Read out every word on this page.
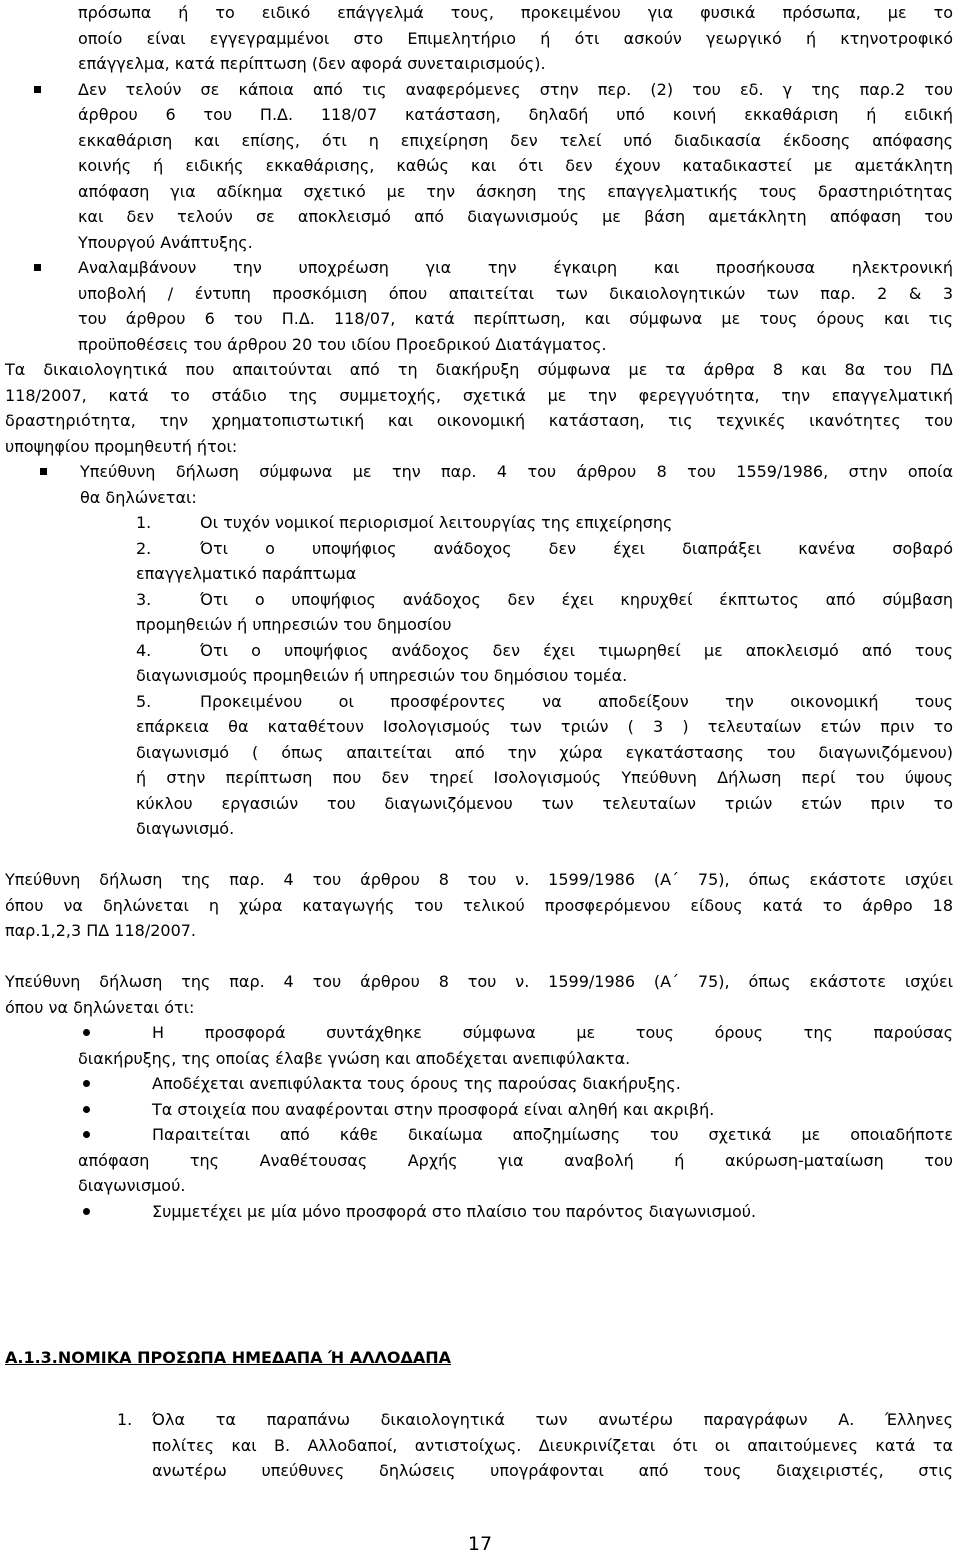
πρόσωπα ή το ειδικό επάγγελμά τους, προκειμένου για φυσικά πρόσωπα, με το
οποίο είναι εγγεγραμμένοι στο Επιμελητήριο ή ότι ασκούν γεωργικό ή κτηνοτροφικό
επάγγελμα, κατά περίπτωση (δεν αφορά συνεταιρισμούς).
Δεν τελούν σε κάποια από τις αναφερόμενες στην περ. (2) του εδ. γ της παρ.2 του
άρθρου 6 του Π.Δ. 118/07 κατάσταση, δηλαδή υπό κοινή εκκαθάριση ή ειδική
εκκαθάριση και επίσης, ότι η επιχείρηση δεν τελεί υπό διαδικασία έκδοσης απόφασης
κοινής ή ειδικής εκκαθάρισης, καθώς και ότι δεν έχουν καταδικαστεί με αμετάκλητη
απόφαση για αδίκημα σχετικό με την άσκηση της επαγγελματικής τους δραστηριότητας
και δεν τελούν σε αποκλεισμό από διαγωνισμούς με βάση αμετάκλητη απόφαση του
Υπουργού Ανάπτυξης.
Αναλαμβάνουν την υποχρέωση για την έγκαιρη και προσήκουσα ηλεκτρονική
υποβολή / έντυπη προσκόμιση όπου απαιτείται των δικαιολογητικών των παρ. 2 & 3
του άρθρου 6 του Π.Δ. 118/07, κατά περίπτωση, και σύμφωνα με τους όρους και τις
προϋποθέσεις του άρθρου 20 του ιδίου Προεδρικού Διατάγματος.
Τα δικαιολογητικά που απαιτούνται από τη διακήρυξη σύμφωνα με τα άρθρα 8 και 8α του ΠΔ
118/2007, κατά το στάδιο της συμμετοχής, σχετικά με την φερεγγυότητα, την επαγγελματική
δραστηριότητα, την χρηματοπιστωτική και οικονομική κατάσταση, τις τεχνικές ικανότητες του
υποψηφίου προμηθευτή ήτοι:
Υπεύθυνη δήλωση σύμφωνα με την παρ. 4 του άρθρου 8 του 1559/1986, στην οποία
θα δηλώνεται:
1.	Οι τυχόν νομικοί περιορισμοί λειτουργίας της επιχείρησης
2.	Ότι ο υποψήφιος ανάδοχος δεν έχει διαπράξει κανένα σοβαρό
επαγγελματικό παράπτωμα
3.	Ότι ο υποψήφιος ανάδοχος δεν έχει κηρυχθεί έκπτωτος από σύμβαση
προμηθειών ή υπηρεσιών του δημοσίου
4.	Ότι ο υποψήφιος ανάδοχος δεν έχει τιμωρηθεί με αποκλεισμό από τους
διαγωνισμούς προμηθειών ή υπηρεσιών του δημόσιου τομέα.
5.	Προκειμένου οι προσφέροντες να αποδείξουν την οικονομική τους
επάρκεια θα καταθέτουν Ισολογισμούς των τριών ( 3 ) τελευταίων ετών πριν το
διαγωνισμό ( όπως απαιτείται από την χώρα εγκατάστασης του διαγωνιζόμενου)
ή στην περίπτωση που δεν τηρεί Ισολογισμούς Υπεύθυνη Δήλωση περί του ύψους
κύκλου εργασιών του διαγωνιζόμενου των τελευταίων τριών ετών πριν το
διαγωνισμό.
Υπεύθυνη δήλωση της παρ. 4 του άρθρου 8 του ν. 1599/1986 (Α΄ 75), όπως εκάστοτε ισχύει
όπου να δηλώνεται η χώρα καταγωγής του τελικού προσφερόμενου είδους κατά το άρθρο 18
παρ.1,2,3 ΠΔ 118/2007.
Υπεύθυνη δήλωση της παρ. 4 του άρθρου 8 του ν. 1599/1986 (Α΄ 75), όπως εκάστοτε ισχύει
όπου να δηλώνεται ότι:
Η προσφορά συντάχθηκε σύμφωνα με τους όρους της παρούσας
διακήρυξης, της οποίας έλαβε γνώση και αποδέχεται ανεπιφύλακτα.
Αποδέχεται ανεπιφύλακτα τους όρους της παρούσας διακήρυξης.
Τα στοιχεία που αναφέρονται στην προσφορά είναι αληθή και ακριβή.
Παραιτείται από κάθε δικαίωμα αποζημίωσης του σχετικά με οποιαδήποτε
απόφαση της Αναθέτουσας Αρχής για αναβολή ή ακύρωση-ματαίωση του
διαγωνισμού.
Συμμετέχει με μία μόνο προσφορά στο πλαίσιο του παρόντος διαγωνισμού.
Α.1.3.ΝΟΜΙΚΑ ΠΡΟΣΩΠΑ ΗΜΕΔΑΠΑ Ή ΑΛΛΟΔΑΠΑ
1.	Όλα τα παραπάνω δικαιολογητικά των ανωτέρω παραγράφων Α. Έλληνες
πολίτες και Β. Αλλοδαποί, αντιστοίχως. Διευκρινίζεται ότι οι απαιτούμενες κατά τα
ανωτέρω υπεύθυνες δηλώσεις υπογράφονται από τους διαχειριστές, στις
17
